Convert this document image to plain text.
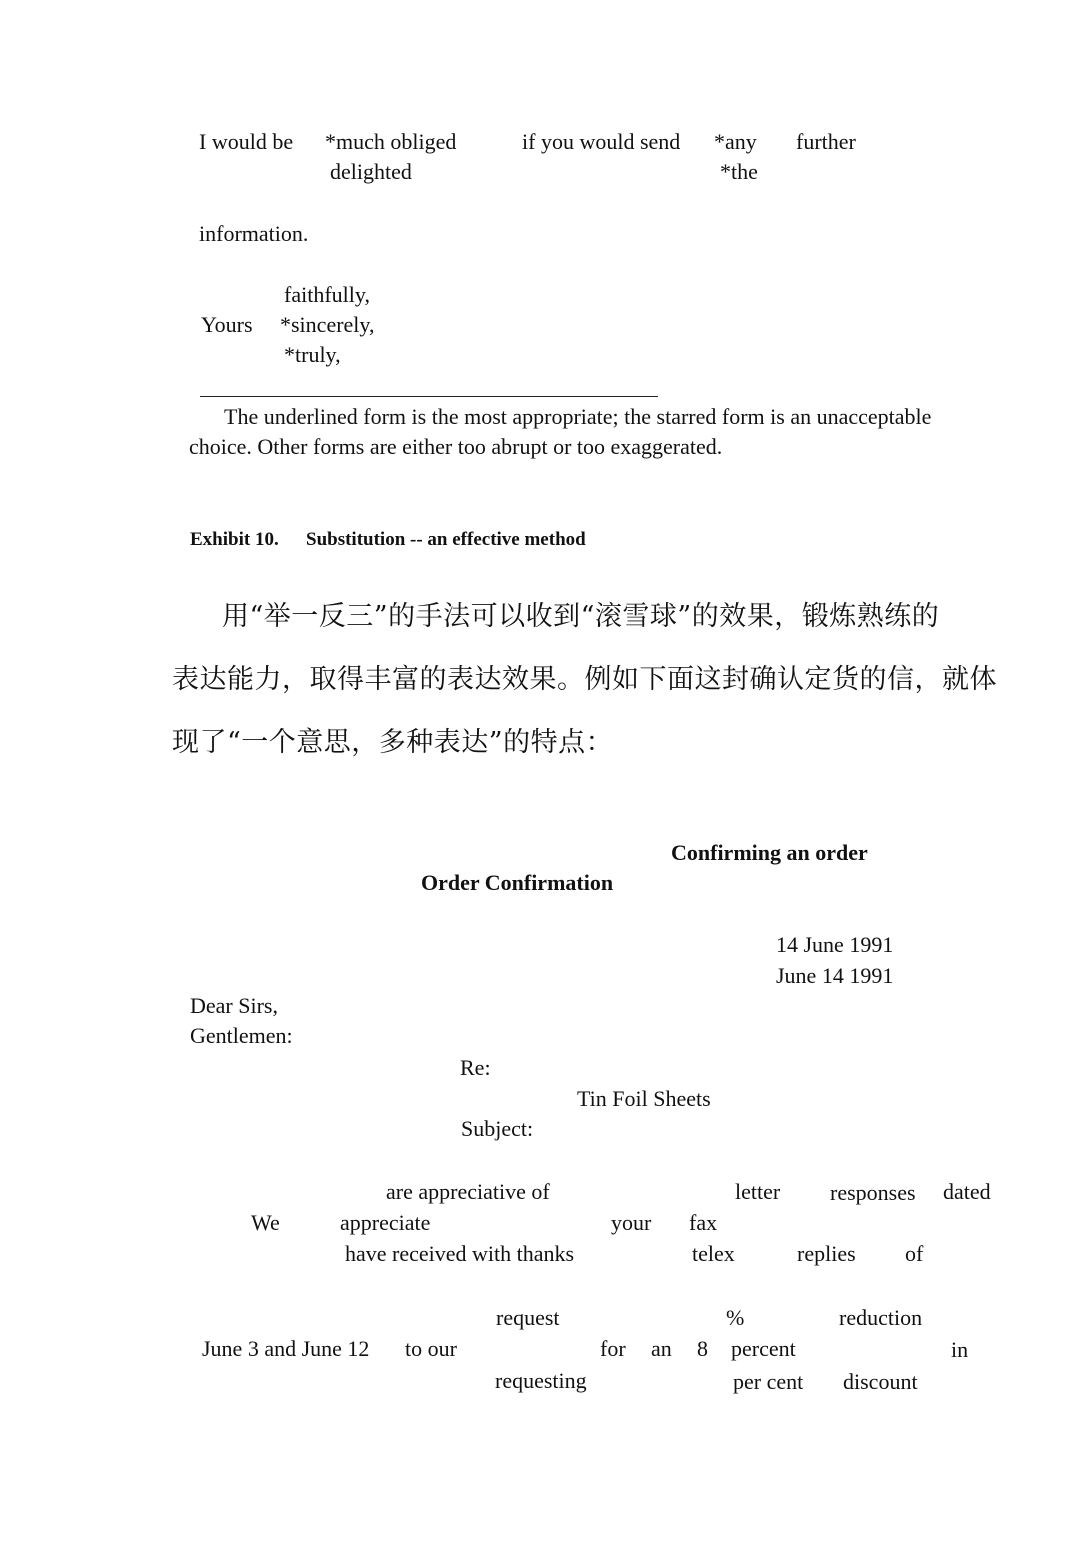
I would be *much obliged
delighted
if you would send *any
*the
further
information.
faithfully,
Yours *sincerely,
*truly,
The underlined form is the most appropriate; the starred form is an unacceptable
choice. Other forms are either too abrupt or too exaggerated.
Exhibit 10. Substitution -- an effective method
用“举一反三”的手法可以收到“滚雪球”的效果，锻炼熟练的
表达能力，取得丰富的表达效果。例如下面这封确认定货的信，就体
现了“一个意思，多种表达”的特点：
Confirming an order
Order Confirmation
14 June 1991
June 14 1991
Dear Sirs,
Gentlemen:
Re:
Tin Foil Sheets
Subject:
are appreciative of	letter responses dated
We	appreciate	your fax
have received with thanks	telex	replies of
request	%	reduction
June 3 and June 12 to our	for an 8 percent	in
requesting	per cent discount
